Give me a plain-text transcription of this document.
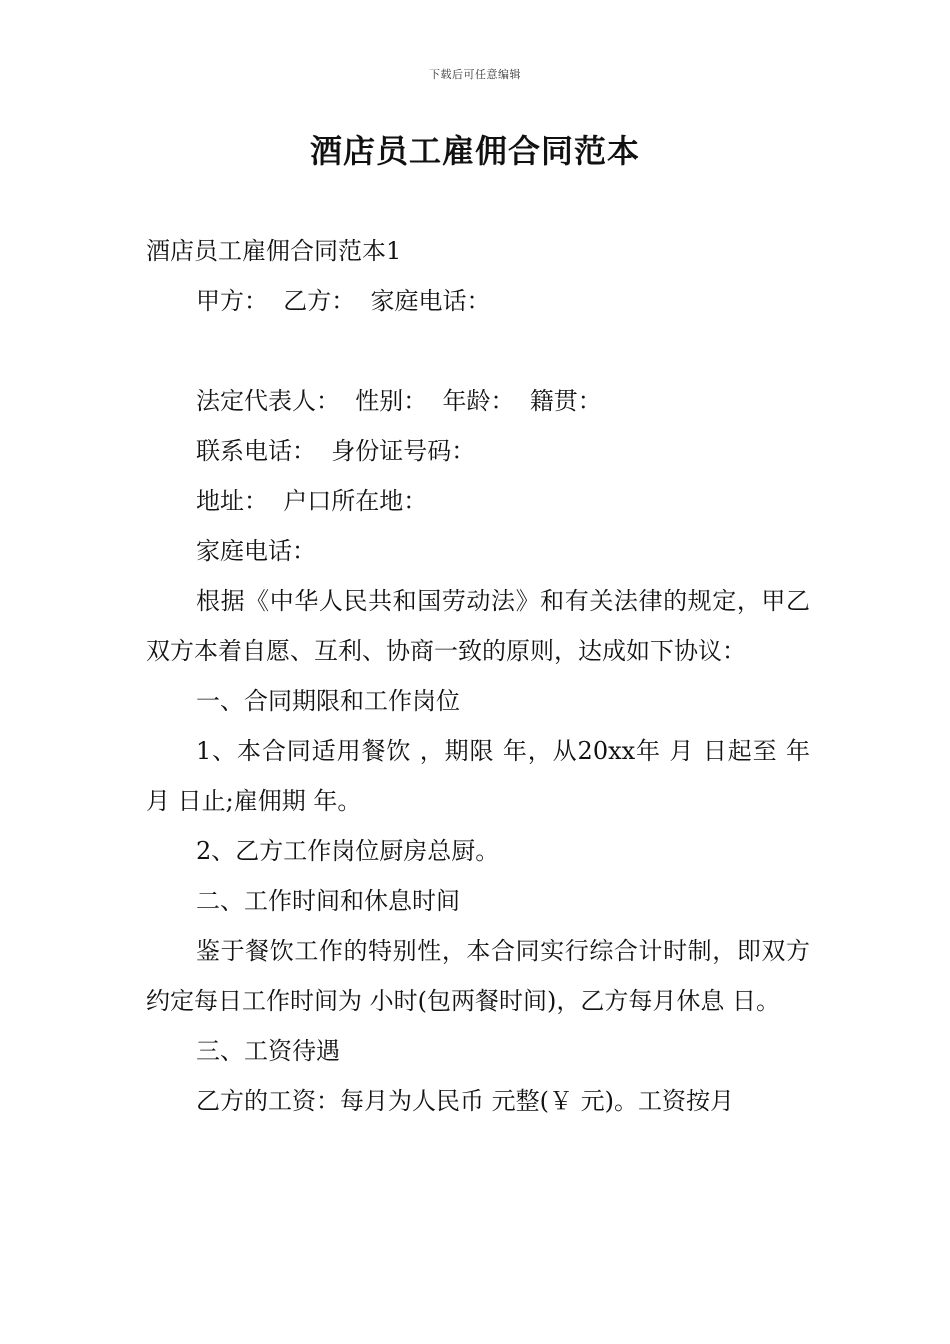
下载后可任意编辑
酒店员工雇佣合同范本

酒店员工雇佣合同范本1

甲方：  乙方：  家庭电话：

法定代表人：  性别：  年龄：  籍贯：

联系电话：  身份证号码：

地址：  户口所在地：

家庭电话：

根据《中华人民共和国劳动法》和有关法律的规定，甲乙双方本着自愿、互利、协商一致的原则，达成如下协议：

一、合同期限和工作岗位

1、本合同适用餐饮 ，期限 年，从20xx年 月 日起至 年 月 日止;雇佣期 年。

2、乙方工作岗位厨房总厨。

二、工作时间和休息时间

鉴于餐饮工作的特别性，本合同实行综合计时制，即双方约定每日工作时间为 小时(包两餐时间)，乙方每月休息 日。

三、工资待遇

乙方的工资：每月为人民币 元整(￥ 元)。工资按月
